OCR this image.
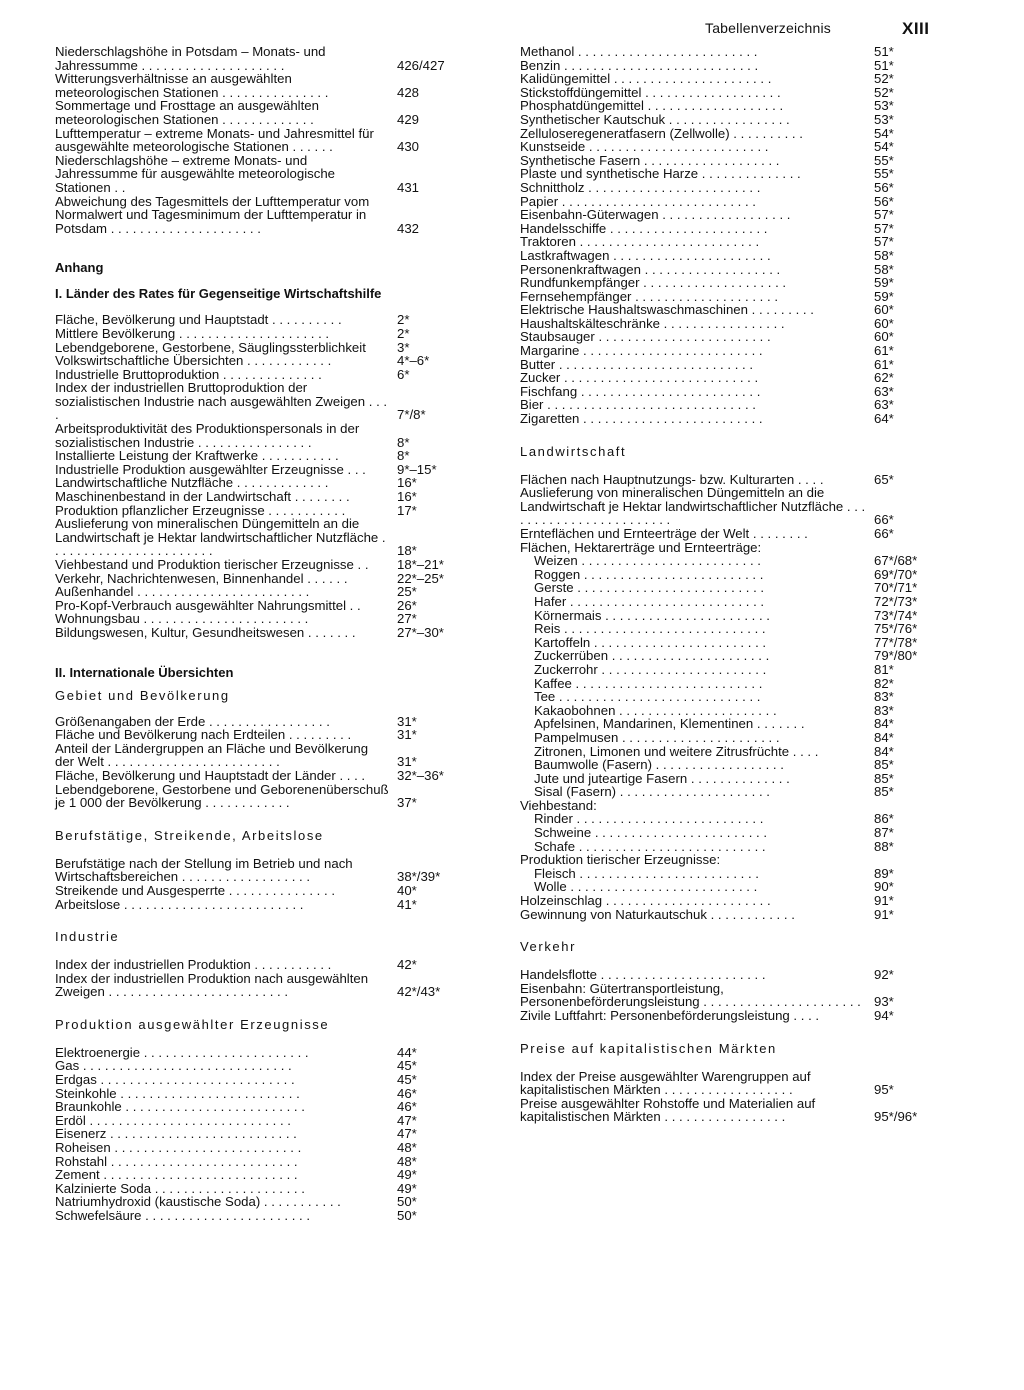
Tabellenverzeichnis	XIII
Niederschlagshöhe in Potsdam – Monats- und Jahressumme . . . . . . . . . . . . . . . . . . . .	426/427
Witterungsverhältnisse an ausgewählten meteorologischen Stationen . . . . . . . . . . . . . . .	428
Sommertage und Frosttage an ausgewählten meteorologischen Stationen . . . . . . . . . . . . .	429
Lufttemperatur – extreme Monats- und Jahresmittel für ausgewählte meteorologische Stationen . . . . . .	430
Niederschlagshöhe – extreme Monats- und Jahressumme für ausgewählte meteorologische Stationen . .	431
Abweichung des Tagesmittels der Lufttemperatur vom Normalwert und Tagesminimum der Lufttemperatur in Potsdam . . . . . . . . . . . . . . . . . . . . .	432
Anhang
I. Länder des Rates für Gegenseitige Wirtschaftshilfe
Fläche, Bevölkerung und Hauptstadt . . . . . . . . . .	2*
Mittlere Bevölkerung . . . . . . . . . . . . . . . . . . . . .	2*
Lebendgeborene, Gestorbene, Säuglingssterblichkeit	3*
Volkswirtschaftliche Übersichten . . . . . . . . . . . .	4*–6*
Industrielle Bruttoproduktion . . . . . . . . . . . . . .	6*
Index der industriellen Bruttoproduktion der sozialistischen Industrie nach ausgewählten Zweigen . . . .	7*/8*
Arbeitsproduktivität des Produktionspersonals in der sozialistischen Industrie . . . . . . . . . . . . . . . .	8*
Installierte Leistung der Kraftwerke . . . . . . . . . . .	8*
Industrielle Produktion ausgewählter Erzeugnisse . . .	9*–15*
Landwirtschaftliche Nutzfläche . . . . . . . . . . . . .	16*
Maschinenbestand in der Landwirtschaft . . . . . . . .	16*
Produktion pflanzlicher Erzeugnisse . . . . . . . . . . .	17*
Auslieferung von mineralischen Düngemitteln an die Landwirtschaft je Hektar landwirtschaftlicher Nutzfläche . . . . . . . . . . . . . . . . . . . . . . .	18*
Viehbestand und Produktion tierischer Erzeugnisse . .	18*–21*
Verkehr, Nachrichtenwesen, Binnenhandel . . . . . .	22*–25*
Außenhandel . . . . . . . . . . . . . . . . . . . . . . . .	25*
Pro-Kopf-Verbrauch ausgewählter Nahrungsmittel . .	26*
Wohnungsbau . . . . . . . . . . . . . . . . . . . . . . .	27*
Bildungswesen, Kultur, Gesundheitswesen . . . . . . .	27*–30*
II. Internationale Übersichten
Gebiet und Bevölkerung
Größenangaben der Erde . . . . . . . . . . . . . . . . .	31*
Fläche und Bevölkerung nach Erdteilen . . . . . . . . .	31*
Anteil der Ländergruppen an Fläche und Bevölkerung der Welt . . . . . . . . . . . . . . . . . . . . . . . .	31*
Fläche, Bevölkerung und Hauptstadt der Länder . . . .	32*–36*
Lebendgeborene, Gestorbene und Geborenenüberschuß je 1 000 der Bevölkerung . . . . . . . . . . . .	37*
Berufstätige, Streikende, Arbeitslose
Berufstätige nach der Stellung im Betrieb und nach Wirtschaftsbereichen . . . . . . . . . . . . . . . . . .	38*/39*
Streikende und Ausgesperrte . . . . . . . . . . . . . . .	40*
Arbeitslose . . . . . . . . . . . . . . . . . . . . . . . . .	41*
Industrie
Index der industriellen Produktion . . . . . . . . . . .	42*
Index der industriellen Produktion nach ausgewählten Zweigen . . . . . . . . . . . . . . . . . . . . . . . . .	42*/43*
Produktion ausgewählter Erzeugnisse
Elektroenergie . . . . . . . . . . . . . . . . . . . . . . .	44*
Gas . . . . . . . . . . . . . . . . . . . . . . . . . . . . .	45*
Erdgas . . . . . . . . . . . . . . . . . . . . . . . . . . .	45*
Steinkohle . . . . . . . . . . . . . . . . . . . . . . . . .	46*
Braunkohle . . . . . . . . . . . . . . . . . . . . . . . . .	46*
Erdöl . . . . . . . . . . . . . . . . . . . . . . . . . . . .	47*
Eisenerz . . . . . . . . . . . . . . . . . . . . . . . . . .	47*
Roheisen . . . . . . . . . . . . . . . . . . . . . . . . . .	48*
Rohstahl . . . . . . . . . . . . . . . . . . . . . . . . . .	48*
Zement . . . . . . . . . . . . . . . . . . . . . . . . . . .	49*
Kalzinierte Soda . . . . . . . . . . . . . . . . . . . . .	49*
Natriumhydroxid (kaustische Soda) . . . . . . . . . . .	50*
Schwefelsäure . . . . . . . . . . . . . . . . . . . . . . .	50*
Methanol . . . . . . . . . . . . . . . . . . . . . . . . .	51*
Benzin . . . . . . . . . . . . . . . . . . . . . . . . . . .	51*
Kalidüngemittel . . . . . . . . . . . . . . . . . . . . . .	52*
Stickstoffdüngemittel . . . . . . . . . . . . . . . . . . .	52*
Phosphatdüngemittel . . . . . . . . . . . . . . . . . . .	53*
Synthetischer Kautschuk . . . . . . . . . . . . . . . . .	53*
Zelluloseregeneratfasern (Zellwolle) . . . . . . . . . .	54*
Kunstseide . . . . . . . . . . . . . . . . . . . . . . . . .	54*
Synthetische Fasern . . . . . . . . . . . . . . . . . . .	55*
Plaste und synthetische Harze . . . . . . . . . . . . . .	55*
Schnittholz . . . . . . . . . . . . . . . . . . . . . . . .	56*
Papier . . . . . . . . . . . . . . . . . . . . . . . . . . .	56*
Eisenbahn-Güterwagen . . . . . . . . . . . . . . . . . .	57*
Handelsschiffe . . . . . . . . . . . . . . . . . . . . . .	57*
Traktoren . . . . . . . . . . . . . . . . . . . . . . . . .	57*
Lastkraftwagen . . . . . . . . . . . . . . . . . . . . . .	58*
Personenkraftwagen . . . . . . . . . . . . . . . . . . .	58*
Rundfunkempfänger . . . . . . . . . . . . . . . . . . . .	59*
Fernsehempfänger . . . . . . . . . . . . . . . . . . . .	59*
Elektrische Haushaltswaschmaschinen . . . . . . . . .	60*
Haushaltskälteschränke . . . . . . . . . . . . . . . . .	60*
Staubsauger . . . . . . . . . . . . . . . . . . . . . . . .	60*
Margarine . . . . . . . . . . . . . . . . . . . . . . . . .	61*
Butter . . . . . . . . . . . . . . . . . . . . . . . . . . .	61*
Zucker . . . . . . . . . . . . . . . . . . . . . . . . . . .	62*
Fischfang . . . . . . . . . . . . . . . . . . . . . . . . .	63*
Bier . . . . . . . . . . . . . . . . . . . . . . . . . . . . .	63*
Zigaretten . . . . . . . . . . . . . . . . . . . . . . . . .	64*
Landwirtschaft
Flächen nach Hauptnutzungs- bzw. Kulturarten . . . .	65*
Auslieferung von mineralischen Düngemitteln an die Landwirtschaft je Hektar landwirtschaftlicher Nutzfläche . . . . . . . . . . . . . . . . . . . . . . . .	66*
Ernteflächen und Ernteerträge der Welt . . . . . . . .	66*
Flächen, Hektarerträge und Ernteerträge:
Weizen . . . . . . . . . . . . . . . . . . . . . . . . .	67*/68*
Roggen . . . . . . . . . . . . . . . . . . . . . . . . .	69*/70*
Gerste . . . . . . . . . . . . . . . . . . . . . . . . . .	70*/71*
Hafer . . . . . . . . . . . . . . . . . . . . . . . . . . .	72*/73*
Körnermais . . . . . . . . . . . . . . . . . . . . . . .	73*/74*
Reis . . . . . . . . . . . . . . . . . . . . . . . . . . . .	75*/76*
Kartoffeln . . . . . . . . . . . . . . . . . . . . . . . .	77*/78*
Zuckerrüben . . . . . . . . . . . . . . . . . . . . . .	79*/80*
Zuckerrohr . . . . . . . . . . . . . . . . . . . . . . .	81*
Kaffee . . . . . . . . . . . . . . . . . . . . . . . . . .	82*
Tee . . . . . . . . . . . . . . . . . . . . . . . . . . . .	83*
Kakaobohnen . . . . . . . . . . . . . . . . . . . . . .	83*
Apfelsinen, Mandarinen, Klementinen . . . . . . .	84*
Pampelmusen . . . . . . . . . . . . . . . . . . . . . .	84*
Zitronen, Limonen und weitere Zitrusfrüchte . . . .	84*
Baumwolle (Fasern) . . . . . . . . . . . . . . . . . .	85*
Jute und juteartige Fasern . . . . . . . . . . . . . .	85*
Sisal (Fasern) . . . . . . . . . . . . . . . . . . . . .	85*
Viehbestand:
Rinder . . . . . . . . . . . . . . . . . . . . . . . . . .	86*
Schweine . . . . . . . . . . . . . . . . . . . . . . . .	87*
Schafe . . . . . . . . . . . . . . . . . . . . . . . . . .	88*
Produktion tierischer Erzeugnisse:
Fleisch . . . . . . . . . . . . . . . . . . . . . . . . .	89*
Wolle . . . . . . . . . . . . . . . . . . . . . . . . . .	90*
Holzeinschlag . . . . . . . . . . . . . . . . . . . . . . .	91*
Gewinnung von Naturkautschuk . . . . . . . . . . . .	91*
Verkehr
Handelsflotte . . . . . . . . . . . . . . . . . . . . . . .	92*
Eisenbahn: Gütertransportleistung, Personenbeförderungsleistung . . . . . . . . . . . . . . . . . . . . . . 93*
Zivile Luftfahrt: Personenbeförderungsleistung . . . .	94*
Preise auf kapitalistischen Märkten
Index der Preise ausgewählter Warengruppen auf kapitalistischen Märkten . . . . . . . . . . . . . . . . . .	95*
Preise ausgewählter Rohstoffe und Materialien auf kapitalistischen Märkten . . . . . . . . . . . . . . . . .	95*/96*
